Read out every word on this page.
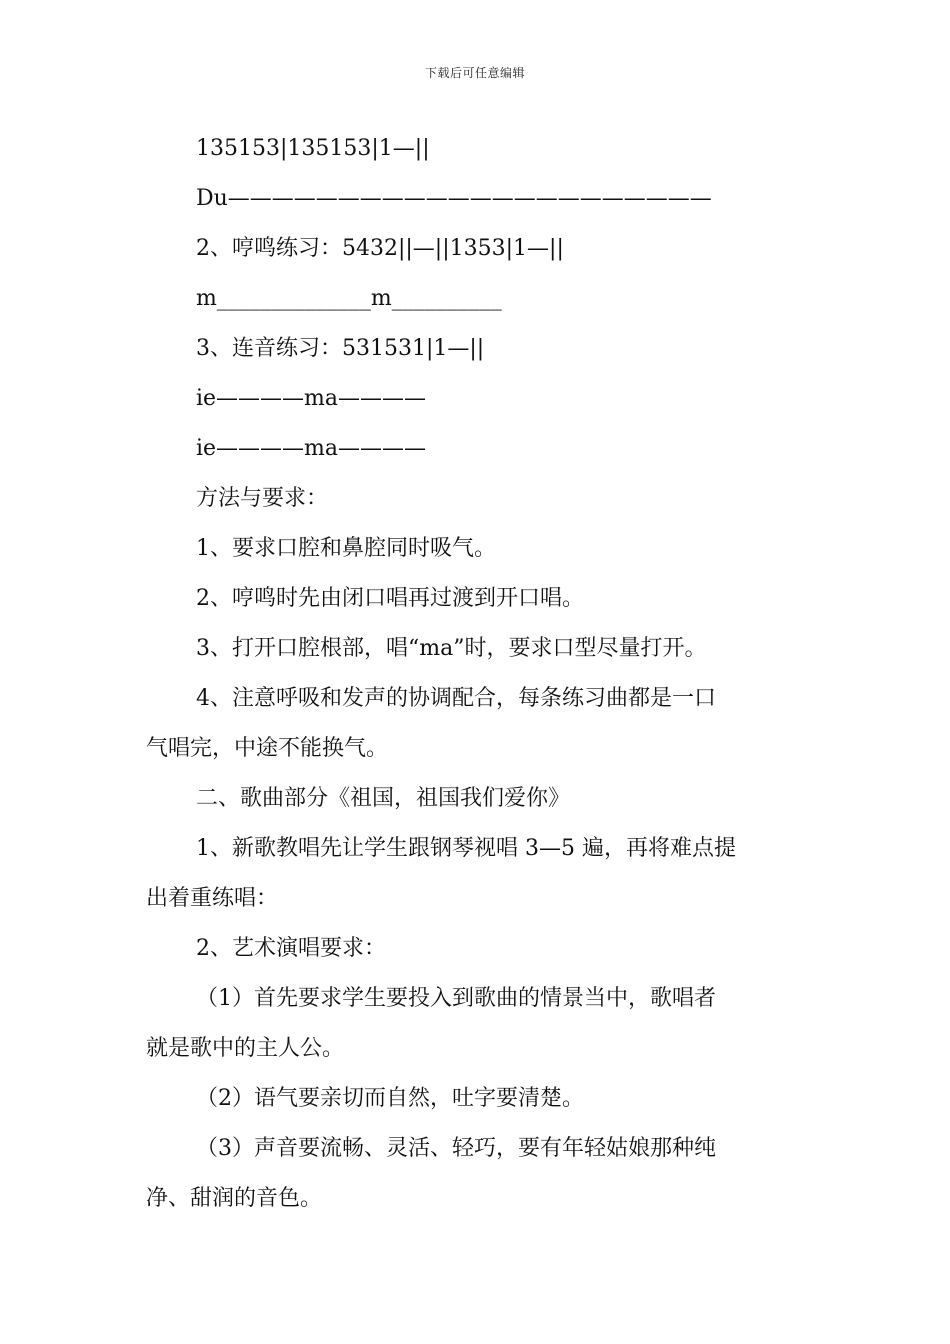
下载后可任意编辑
135153|135153|1—||
Du——————————————————————
2、哼鸣练习：5432||—||1353|1—||
m______________m__________
3、连音练习：531531|1—||
ie————ma————
ie————ma————
方法与要求：
1、要求口腔和鼻腔同时吸气。
2、哼鸣时先由闭口唱再过渡到开口唱。
3、打开口腔根部，唱“ma”时，要求口型尽量打开。
4、注意呼吸和发声的协调配合，每条练习曲都是一口
气唱完，中途不能换气。
二、歌曲部分《祖国，祖国我们爱你》
1、新歌教唱先让学生跟钢琴视唱 3—5 遍，再将难点提
出着重练唱：
2、艺术演唱要求：
（1）首先要求学生要投入到歌曲的情景当中，歌唱者
就是歌中的主人公。
（2）语气要亲切而自然，吐字要清楚。
（3）声音要流畅、灵活、轻巧，要有年轻姑娘那种纯
净、甜润的音色。
